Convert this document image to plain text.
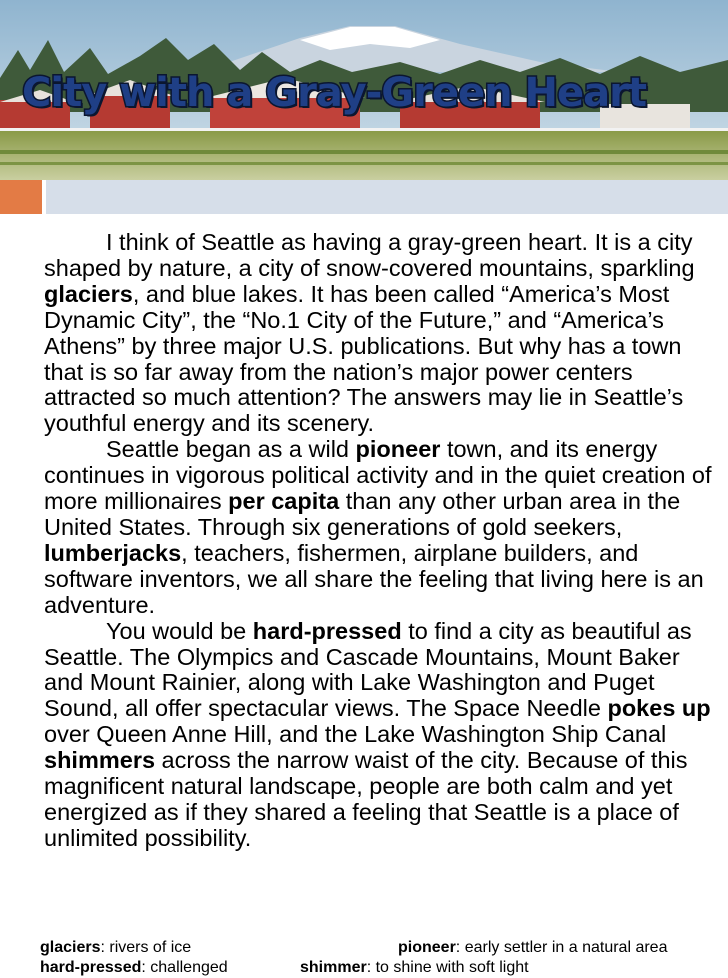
City with a Gray-Green Heart

I think of Seattle as having a gray-green heart. It is a city shaped by nature, a city of snow-covered mountains, sparkling glaciers, and blue lakes. It has been called “America’s Most Dynamic City”, the “No.1 City of the Future,” and “America’s Athens” by three major U.S. publications. But why has a town that is so far away from the nation’s major power centers attracted so much attention? The answers may lie in Seattle’s youthful energy and its scenery.

Seattle began as a wild pioneer town, and its energy continues in vigorous political activity and in the quiet creation of more millionaires per capita than any other urban area in the United States. Through six generations of gold seekers, lumberjacks, teachers, fishermen, airplane builders, and software inventors, we all share the feeling that living here is an adventure.

You would be hard-pressed to find a city as beautiful as Seattle. The Olympics and Cascade Mountains, Mount Baker and Mount Rainier, along with Lake Washington and Puget Sound, all offer spectacular views. The Space Needle pokes up over Queen Anne Hill, and the Lake Washington Ship Canal shimmers across the narrow waist of the city. Because of this magnificent natural landscape, people are both calm and yet energized as if they shared a feeling that Seattle is a place of unlimited possibility.

glaciers: rivers of ice	pioneer: early settler in a natural area
hard-pressed: challenged	shimmer: to shine with soft light
